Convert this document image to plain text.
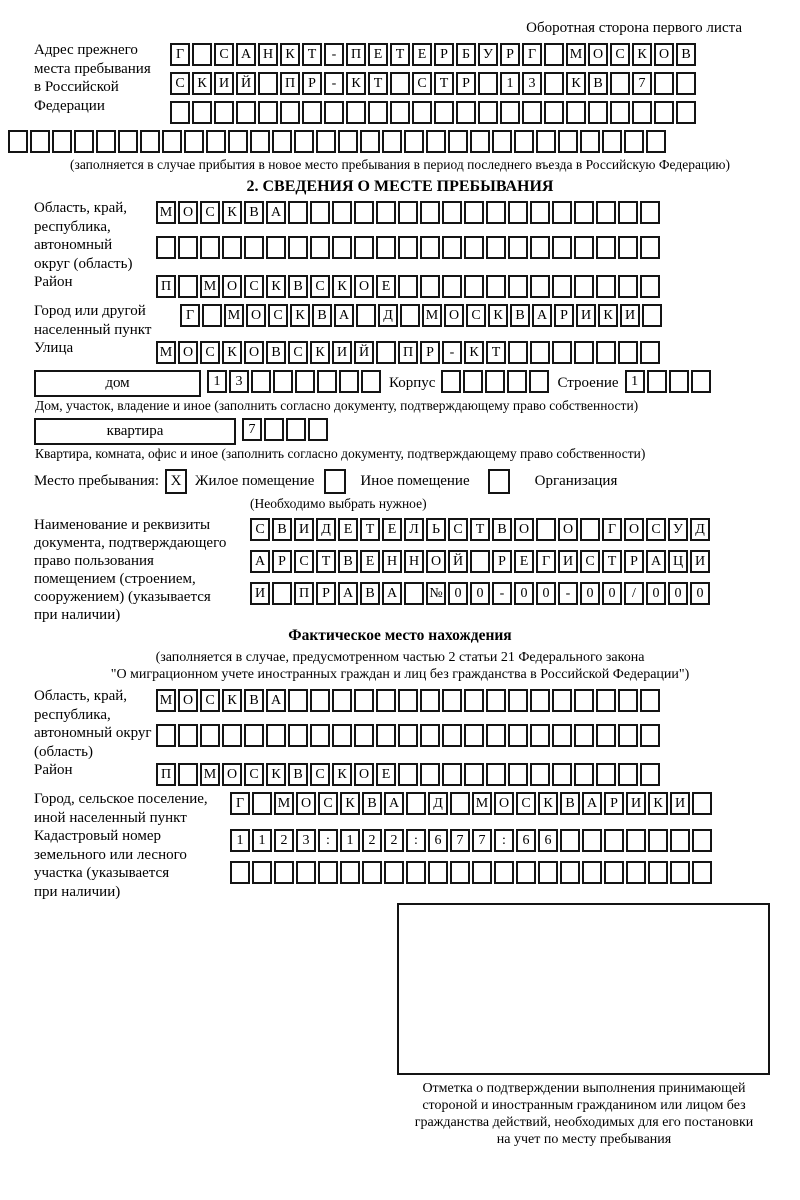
Оборотная сторона первого листа
Адрес прежнего
места пребывания
в Российской
Федерации
Г	С А Н К Т	-	П Е Т Е Р	Б У Р	Г	М О С К О В
С К И Й	П Р	-	К Т	С Т Р	1	3	К В	7
(заполняется в случае прибытия в новое место пребывания в период последнего въезда в Российскую Федерацию)
2. СВЕДЕНИЯ О МЕСТЕ ПРЕБЫВАНИЯ
Область, край,
республика,
автономный
округ (область)
М О С К В А
Район	П	М О С К В С К О Е
Город или другой
населенный пункт
Г	М О С К В А	Д	М О С К В А Р И К И
Улица	М О С К О В С К И Й	П Р	-	К Т
дом	1	3	Корпус	Строение 1
Дом, участок, владение и иное (заполнить согласно документу, подтверждающему право собственности)
квартира	7
Квартира, комната, офис и иное (заполнить согласно документу, подтверждающему право собственности)
Место пребывания: X Жилое помещение	Иное помещение	Организация
(Необходимо выбрать нужное)
Наименование и реквизиты
документа, подтверждающего
право пользования
помещением (строением,
сооружением) (указывается
при наличии)
С В И Д Е Т Е Л Ь С Т В О	О	Г О С У Д
А Р С Т В Е Н Н О Й	Р Е Г И С Т Р А Ц И
И	П Р А В А	№ 0	0	-	0	0	-	0	0	/	0	0	0
Фактическое место нахождения
(заполняется в случае, предусмотренном частью 2 статьи 21 Федерального закона
"О миграционном учете иностранных граждан и лиц без гражданства в Российской Федерации")
Область, край,
республика,
автономный округ
(область)
М О С К В А
Район	П	М О С К В С К О Е
Город, сельское поселение,
иной населенный пункт
Г	М О С К В А	Д	М О С К В А Р И К И
Кадастровый номер
земельного или лесного
участка (указывается
при наличии)
1	1	2	3	:	1	2	2	:	6	7	7	:	6	6
Отметка о подтверждении выполнения принимающей
стороной и иностранным гражданином или лицом без
гражданства действий, необходимых для его постановки
на учет по месту пребывания
